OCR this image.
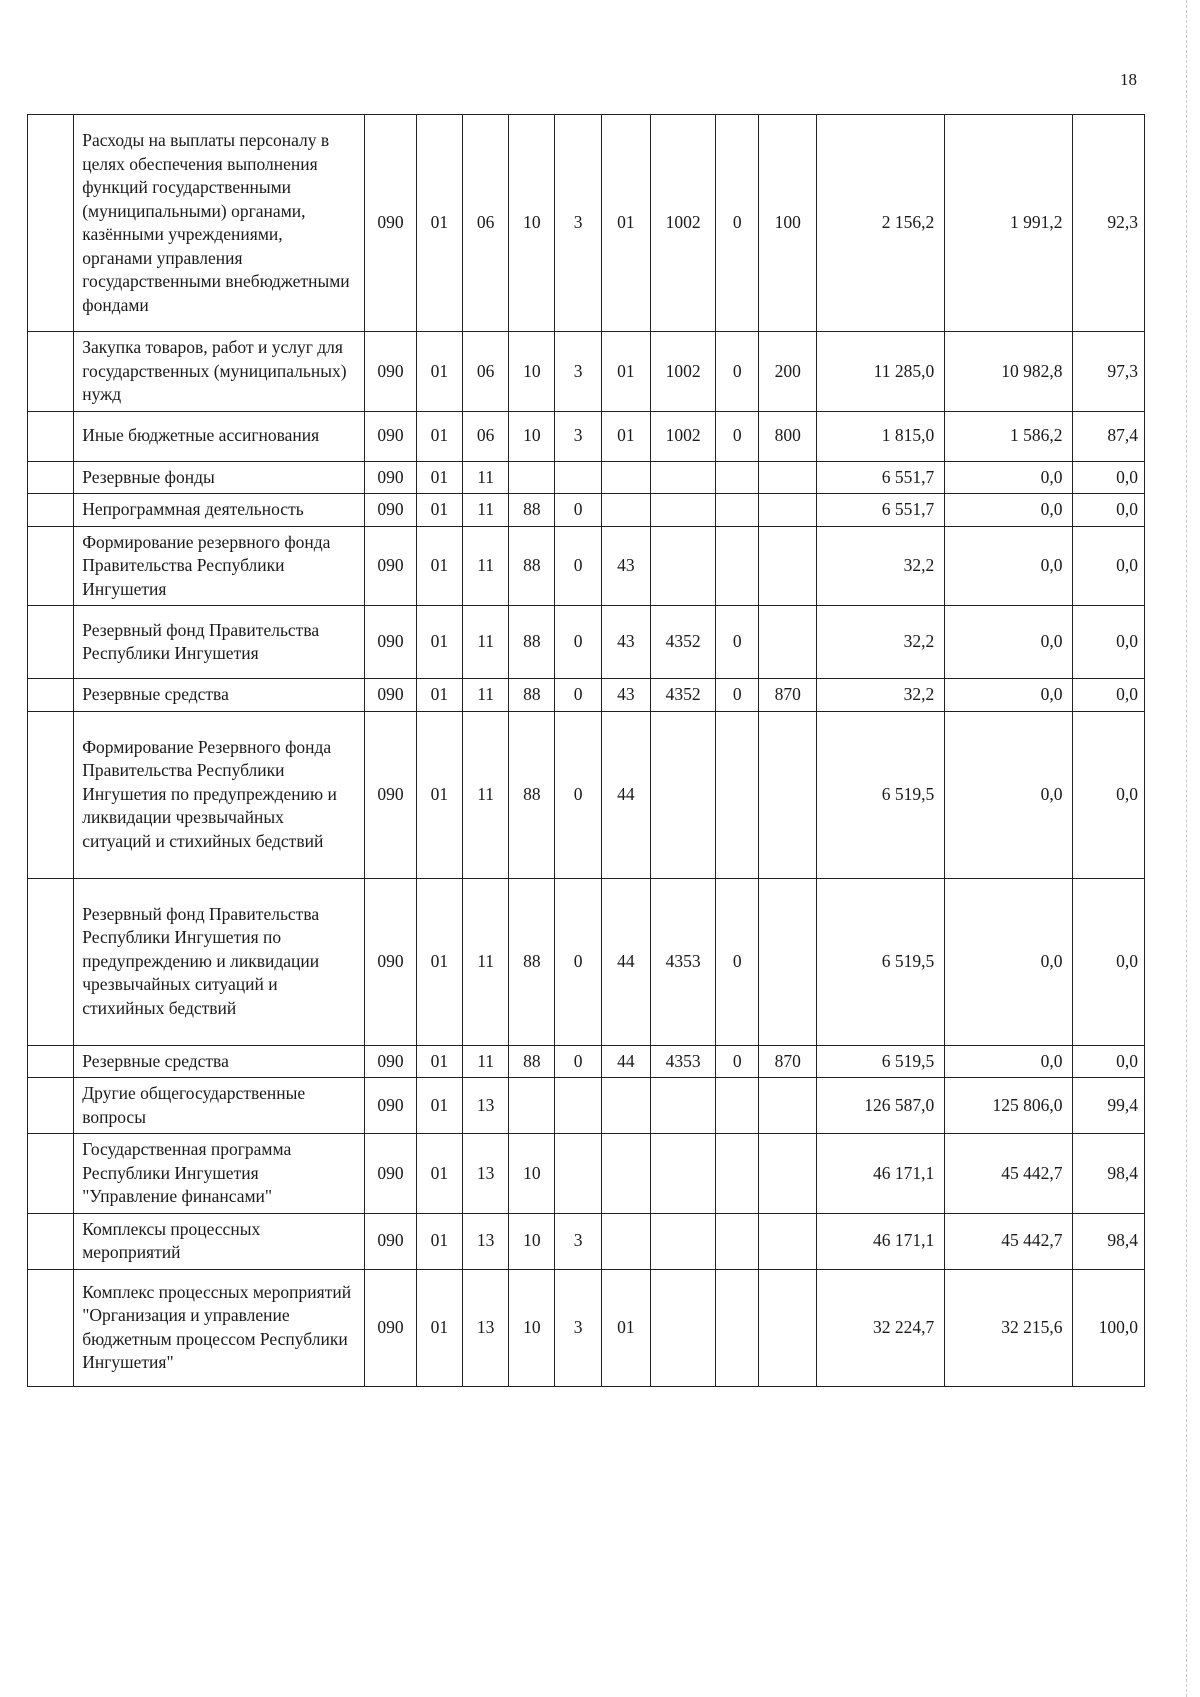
18
	Расходы на выплаты персоналу в целях обеспечения выполнения функций государственными (муниципальными) органами, казёнными учреждениями, органами управления государственными внебюджетными фондами	090	01	06	10	3	01	1002	0	100	2 156,2	1 991,2	92,3
	Закупка товаров, работ и услуг для государственных (муниципальных) нужд	090	01	06	10	3	01	1002	0	200	11 285,0	10 982,8	97,3
	Иные бюджетные ассигнования	090	01	06	10	3	01	1002	0	800	1 815,0	1 586,2	87,4
	Резервные фонды	090	01	11							6 551,7	0,0	0,0
	Непрограммная деятельность	090	01	11	88	0					6 551,7	0,0	0,0
	Формирование резервного фонда Правительства Республики Ингушетия	090	01	11	88	0	43				32,2	0,0	0,0
	Резервный фонд Правительства Республики Ингушетия	090	01	11	88	0	43	4352	0		32,2	0,0	0,0
	Резервные средства	090	01	11	88	0	43	4352	0	870	32,2	0,0	0,0
	Формирование Резервного фонда Правительства Республики Ингушетия по предупреждению и ликвидации чрезвычайных ситуаций и стихийных бедствий	090	01	11	88	0	44				6 519,5	0,0	0,0
	Резервный фонд Правительства Республики Ингушетия по предупреждению и ликвидации чрезвычайных ситуаций и стихийных бедствий	090	01	11	88	0	44	4353	0		6 519,5	0,0	0,0
	Резервные средства	090	01	11	88	0	44	4353	0	870	6 519,5	0,0	0,0
	Другие общегосударственные вопросы	090	01	13							126 587,0	125 806,0	99,4
	Государственная программа Республики Ингушетия "Управление финансами"	090	01	13	10						46 171,1	45 442,7	98,4
	Комплексы процессных мероприятий	090	01	13	10	3					46 171,1	45 442,7	98,4
	Комплекс процессных мероприятий "Организация и управление бюджетным процессом Республики Ингушетия"	090	01	13	10	3	01				32 224,7	32 215,6	100,0
